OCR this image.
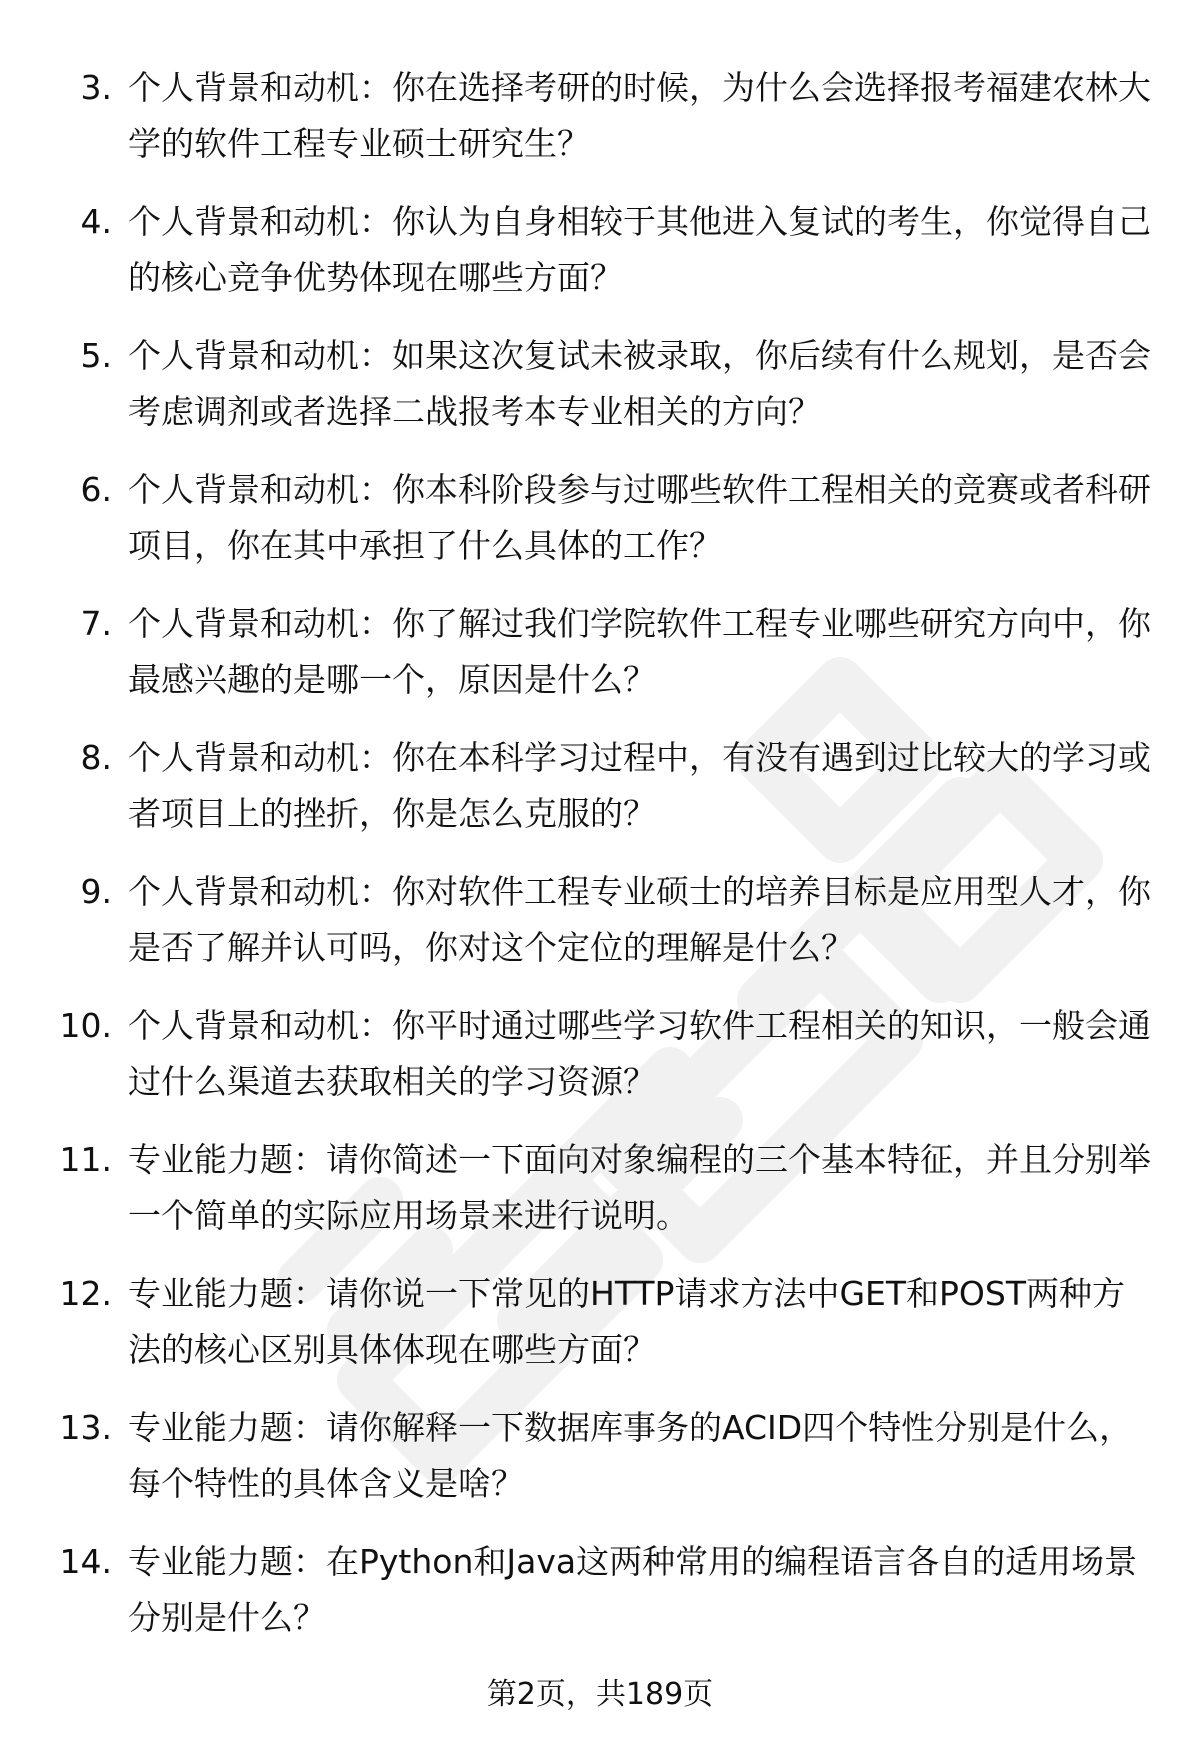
3. 个人背景和动机：你在选择考研的时候，为什么会选择报考福建农林大学的软件工程专业硕士研究生？
4. 个人背景和动机：你认为自身相较于其他进入复试的考生，你觉得自己的核心竞争优势体现在哪些方面？
5. 个人背景和动机：如果这次复试未被录取，你后续有什么规划，是否会考虑调剂或者选择二战报考本专业相关的方向？
6. 个人背景和动机：你本科阶段参与过哪些软件工程相关的竞赛或者科研项目，你在其中承担了什么具体的工作？
7. 个人背景和动机：你了解过我们学院软件工程专业哪些研究方向中，你最感兴趣的是哪一个，原因是什么？
8. 个人背景和动机：你在本科学习过程中，有没有遇到过比较大的学习或者项目上的挫折，你是怎么克服的？
9. 个人背景和动机：你对软件工程专业硕士的培养目标是应用型人才，你是否了解并认可吗，你对这个定位的理解是什么？
10. 个人背景和动机：你平时通过哪些学习软件工程相关的知识，一般会通过什么渠道去获取相关的学习资源？
11. 专业能力题：请你简述一下面向对象编程的三个基本特征，并且分别举一个简单的实际应用场景来进行说明。
12. 专业能力题：请你说一下常见的HTTP请求方法中GET和POST两种方法的核心区别具体体现在哪些方面？
13. 专业能力题：请你解释一下数据库事务的ACID四个特性分别是什么，每个特性的具体含义是啥？
14. 专业能力题：在Python和Java这两种常用的编程语言各自的适用场景分别是什么？
第2页，共189页
